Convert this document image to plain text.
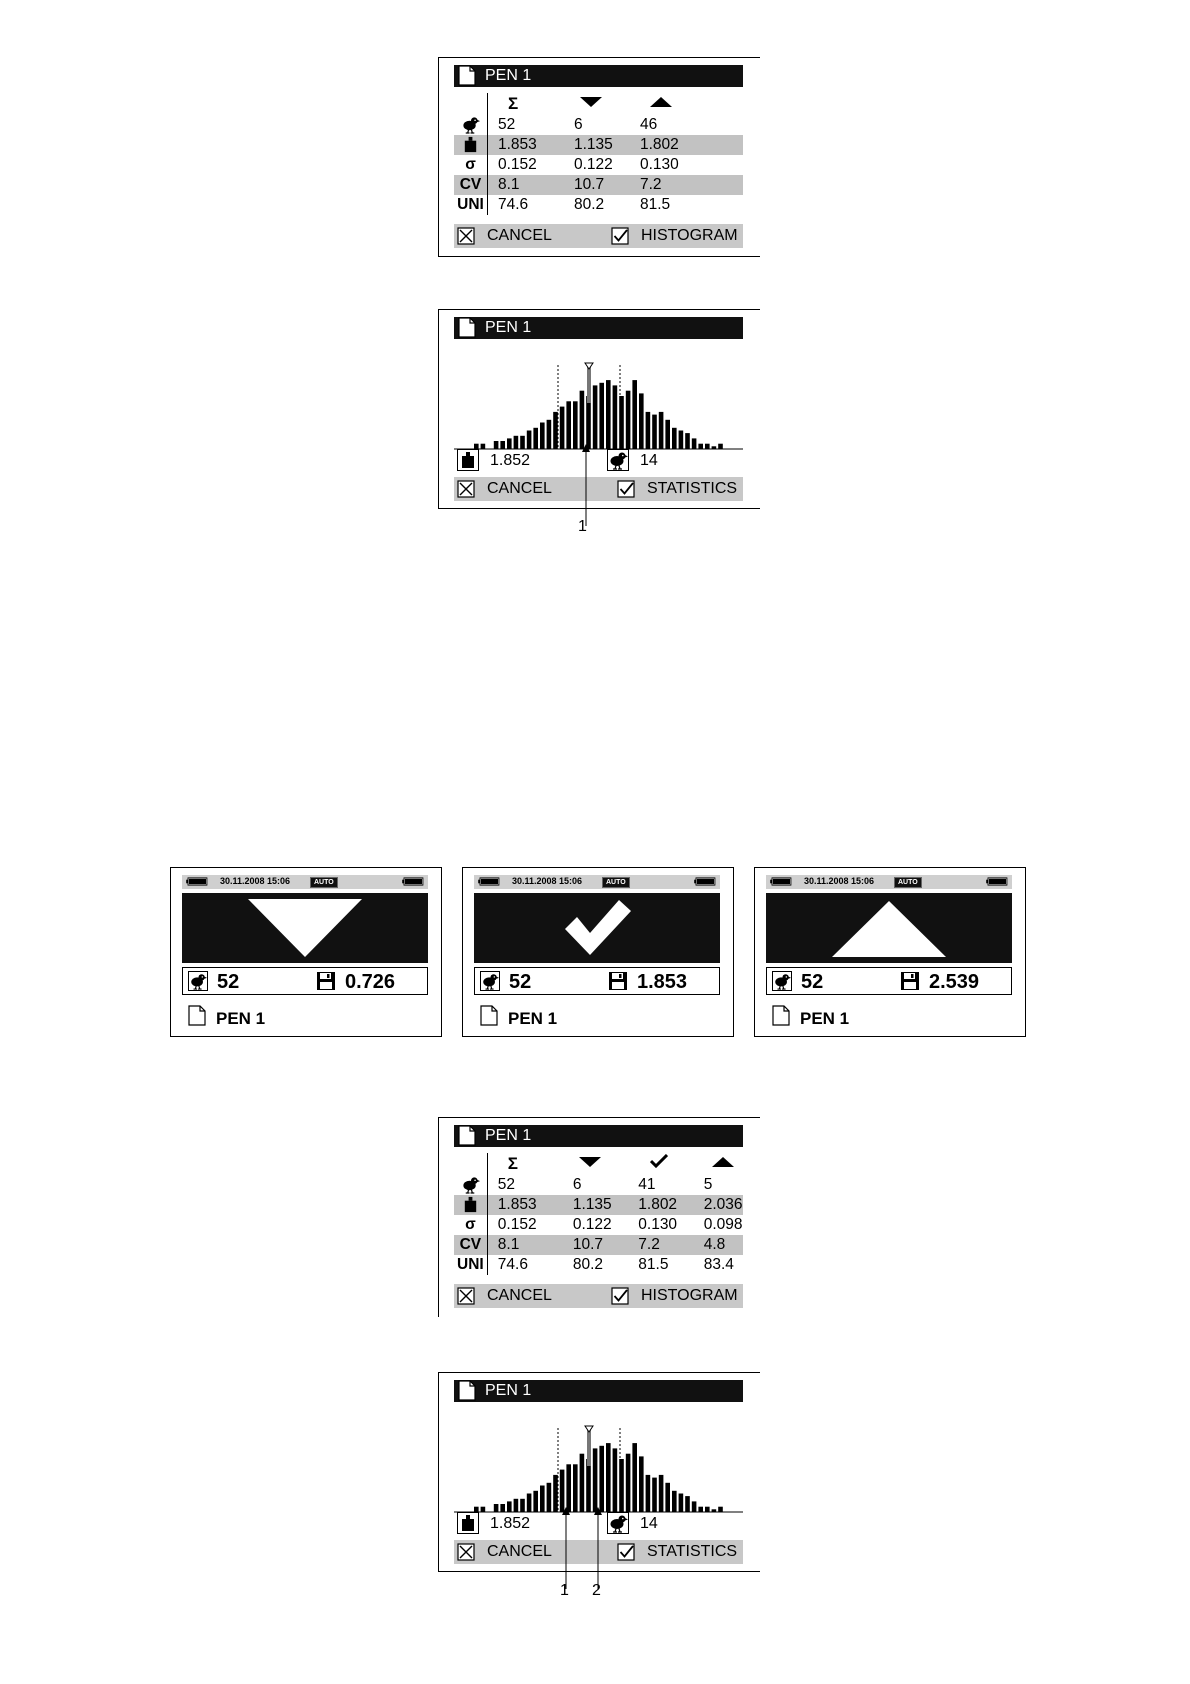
PEN 1
	Σ		
	52	6	46
	1.853	1.135	1.802
σ	0.152	0.122	0.130
CV	8.1	10.7	7.2
UNI	74.6	80.2	81.5
CANCEL	HISTOGRAM
PEN 1
1.852	14
CANCEL	STATISTICS
1
30.11.2008 15:06	AUTO
52	0.726
PEN 1
30.11.2008 15:06	AUTO
52	1.853
PEN 1
30.11.2008 15:06	AUTO
52	2.539
PEN 1
PEN 1
	Σ			
	52	6	41	5
	1.853	1.135	1.802	2.036
σ	0.152	0.122	0.130	0.098
CV	8.1	10.7	7.2	4.8
UNI	74.6	80.2	81.5	83.4
CANCEL	HISTOGRAM
PEN 1
1.852	14
CANCEL	STATISTICS
1 2
